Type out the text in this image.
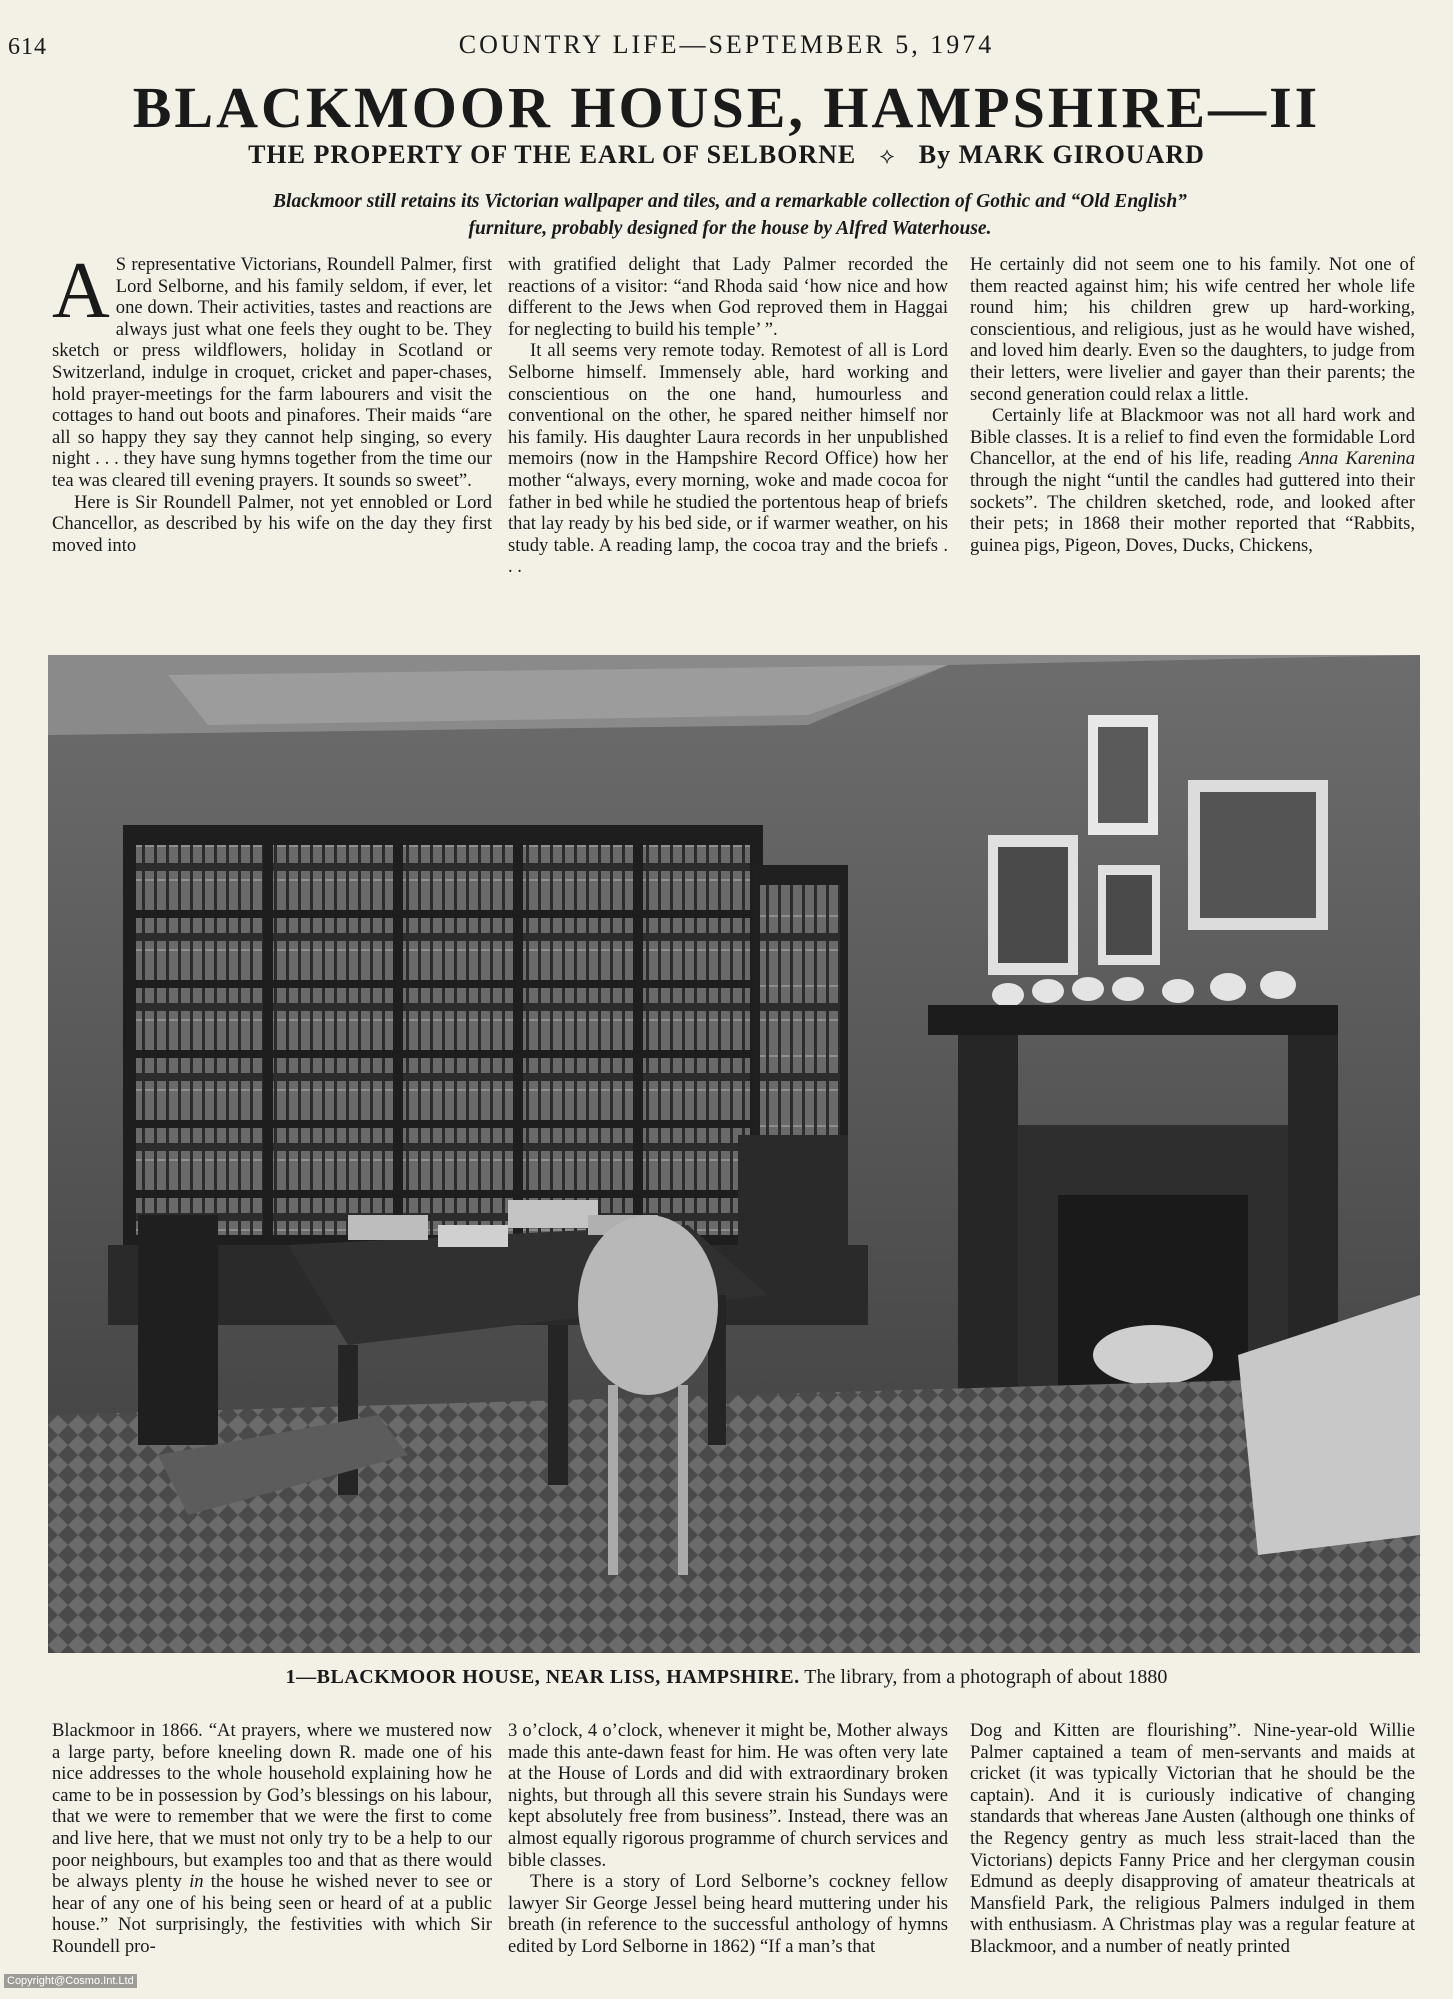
614	COUNTRY LIFE—SEPTEMBER 5, 1974
BLACKMOOR HOUSE, HAMPSHIRE—II
THE PROPERTY OF THE EARL OF SELBORNE ⟡ By MARK GIROUARD
Blackmoor still retains its Victorian wallpaper and tiles, and a remarkable collection of Gothic and “Old English” furniture, probably designed for the house by Alfred Waterhouse.

A S representative Victorians, Roundell Palmer, first Lord Selborne, and his family seldom, if ever, let one down. Their activities, tastes and reactions are always just what one feels they ought to be. They sketch or press wildflowers, holiday in Scotland or Switzerland, indulge in croquet, cricket and paper-chases, hold prayer-meetings for the farm labourers and visit the cottages to hand out boots and pinafores. Their maids “are all so happy they say they cannot help singing, so every night . . . they have sung hymns together from the time our tea was cleared till evening prayers. It sounds so sweet”.

Here is Sir Roundell Palmer, not yet ennobled or Lord Chancellor, as described by his wife on the day they first moved into

with gratified delight that Lady Palmer recorded the reactions of a visitor: “and Rhoda said ‘how nice and how different to the Jews when God reproved them in Haggai for neglecting to build his temple’ ”.

It all seems very remote today. Remotest of all is Lord Selborne himself. Immensely able, hard working and conscientious on the one hand, humourless and conventional on the other, he spared neither himself nor his family. His daughter Laura records in her unpublished memoirs (now in the Hampshire Record Office) how her mother “always, every morning, woke and made cocoa for father in bed while he studied the portentous heap of briefs that lay ready by his bed side, or if warmer weather, on his study table. A reading lamp, the cocoa tray and the briefs . . .

He certainly did not seem one to his family. Not one of them reacted against him; his wife centred her whole life round him; his children grew up hard-working, conscientious, and religious, just as he would have wished, and loved him dearly. Even so the daughters, to judge from their letters, were livelier and gayer than their parents; the second generation could relax a little.

Certainly life at Blackmoor was not all hard work and Bible classes. It is a relief to find even the formidable Lord Chancellor, at the end of his life, reading Anna Karenina through the night “until the candles had guttered into their sockets”. The children sketched, rode, and looked after their pets; in 1868 their mother reported that “Rabbits, guinea pigs, Pigeon, Doves, Ducks, Chickens,

1—BLACKMOOR HOUSE, NEAR LISS, HAMPSHIRE. The library, from a photograph of about 1880

Blackmoor in 1866. “At prayers, where we mustered now a large party, before kneeling down R. made one of his nice addresses to the whole household explaining how he came to be in possession by God’s blessings on his labour, that we were to remember that we were the first to come and live here, that we must not only try to be a help to our poor neighbours, but examples too and that as there would be always plenty in the house he wished never to see or hear of any one of his being seen or heard of at a public house.” Not surprisingly, the festivities with which Sir Roundell pro-

3 o’clock, 4 o’clock, whenever it might be, Mother always made this ante-dawn feast for him. He was often very late at the House of Lords and did with extraordinary broken nights, but through all this severe strain his Sundays were kept absolutely free from business”. Instead, there was an almost equally rigorous programme of church services and bible classes.

There is a story of Lord Selborne’s cockney fellow lawyer Sir George Jessel being heard muttering under his breath (in reference to the successful anthology of hymns edited by Lord Selborne in 1862) “If a man’s that

Dog and Kitten are flourishing”. Nine-year-old Willie Palmer captained a team of men-servants and maids at cricket (it was typically Victorian that he should be the captain). And it is curiously indicative of changing standards that whereas Jane Austen (although one thinks of the Regency gentry as much less strait-laced than the Victorians) depicts Fanny Price and her clergyman cousin Edmund as deeply disapproving of amateur theatricals at Mansfield Park, the religious Palmers indulged in them with enthusiasm. A Christmas play was a regular feature at Blackmoor, and a number of neatly printed

Copyright@Cosmo.Int.Ltd
